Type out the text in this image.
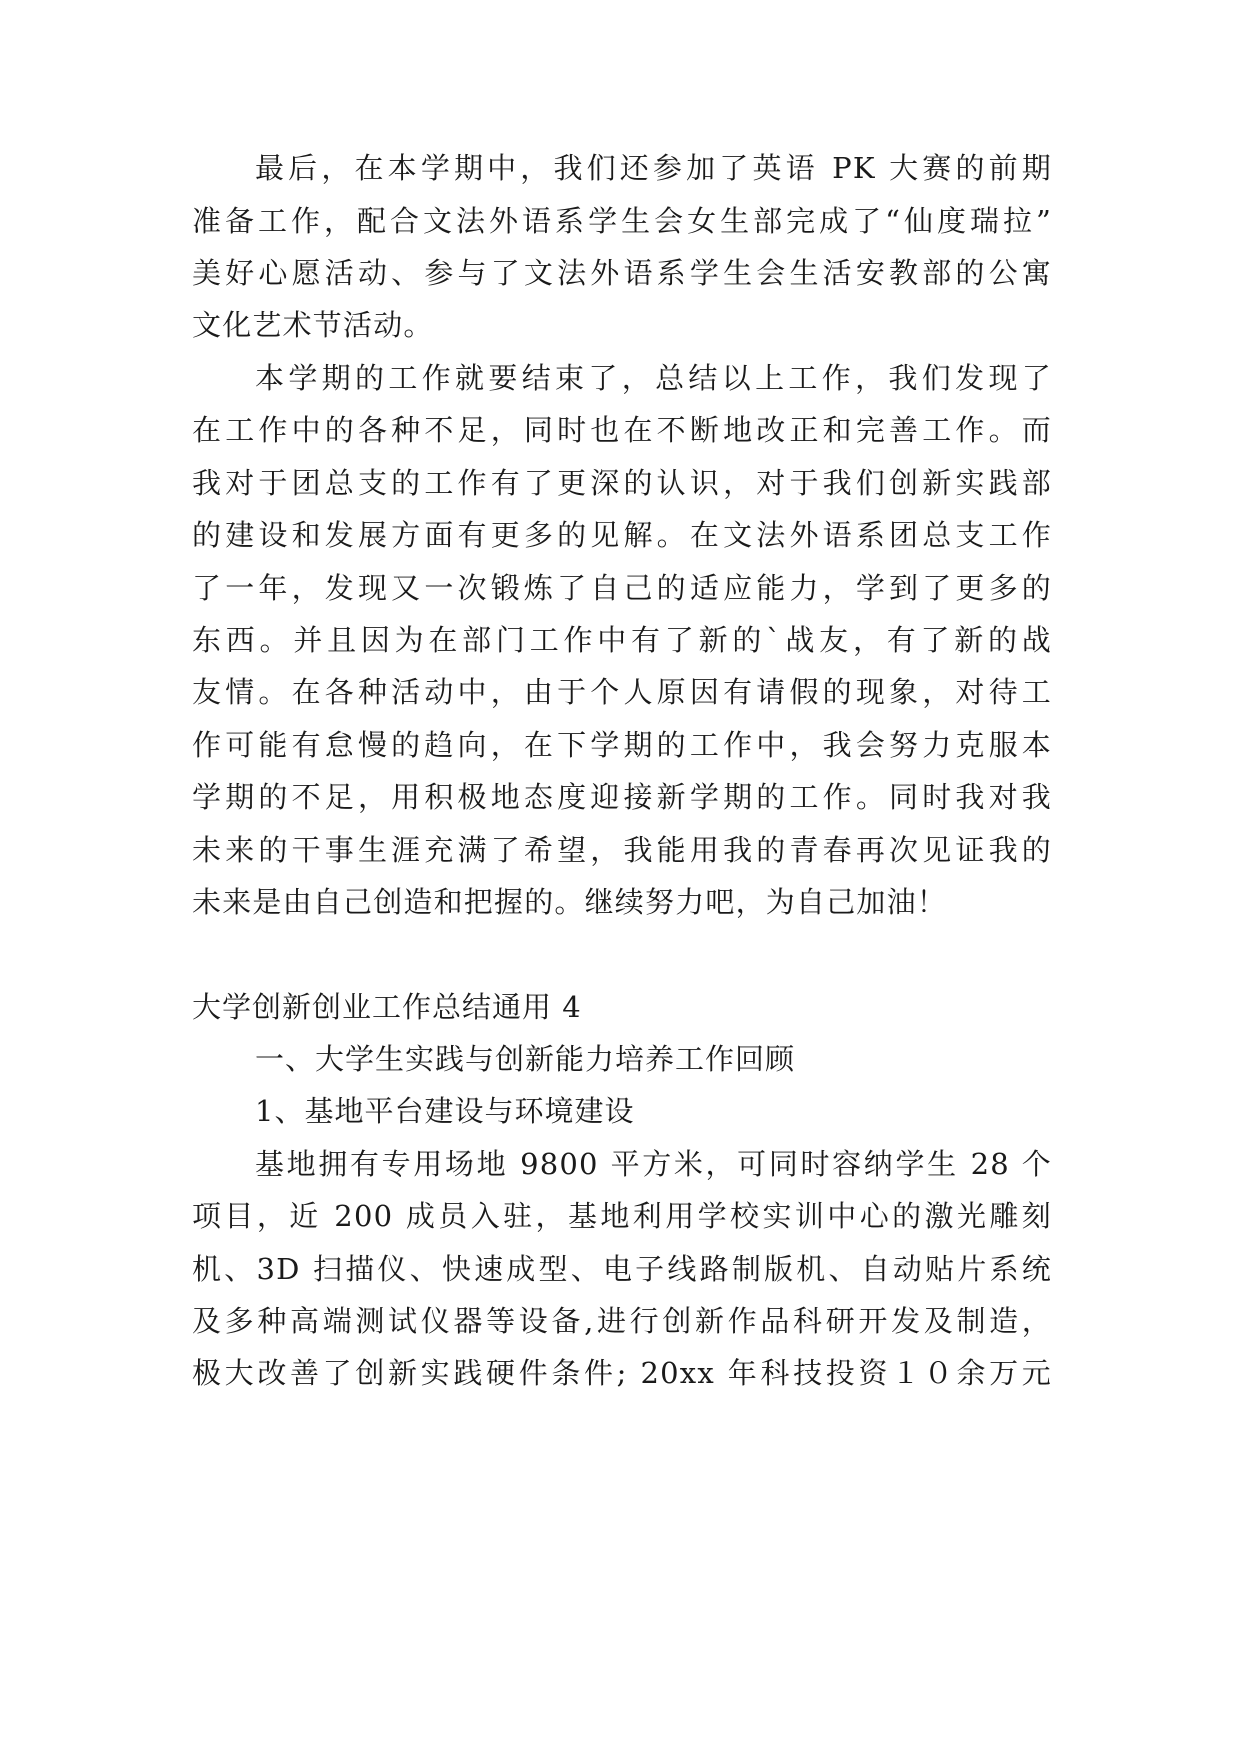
最后，在本学期中，我们还参加了英语 PK 大赛的前期
准备工作，配合文法外语系学生会女生部完成了“仙度瑞拉”
美好心愿活动、参与了文法外语系学生会生活安教部的公寓
文化艺术节活动。
本学期的工作就要结束了，总结以上工作，我们发现了
在工作中的各种不足，同时也在不断地改正和完善工作。而
我对于团总支的工作有了更深的认识，对于我们创新实践部
的建设和发展方面有更多的见解。在文法外语系团总支工作
了一年，发现又一次锻炼了自己的适应能力，学到了更多的
东西。并且因为在部门工作中有了新的`战友，有了新的战
友情。在各种活动中，由于个人原因有请假的现象，对待工
作可能有怠慢的趋向，在下学期的工作中，我会努力克服本
学期的不足，用积极地态度迎接新学期的工作。同时我对我
未来的干事生涯充满了希望，我能用我的青春再次见证我的
未来是由自己创造和把握的。继续努力吧，为自己加油！
大学创新创业工作总结通用 4
一、大学生实践与创新能力培养工作回顾
1、基地平台建设与环境建设
基地拥有专用场地 9800 平方米，可同时容纳学生 28 个
项目，近 200 成员入驻，基地利用学校实训中心的激光雕刻
机、3D 扫描仪、快速成型、电子线路制版机、自动贴片系统
及多种高端测试仪器等设备,进行创新作品科研开发及制造，
极大改善了创新实践硬件条件; 20xx 年科技投资１０余万元
